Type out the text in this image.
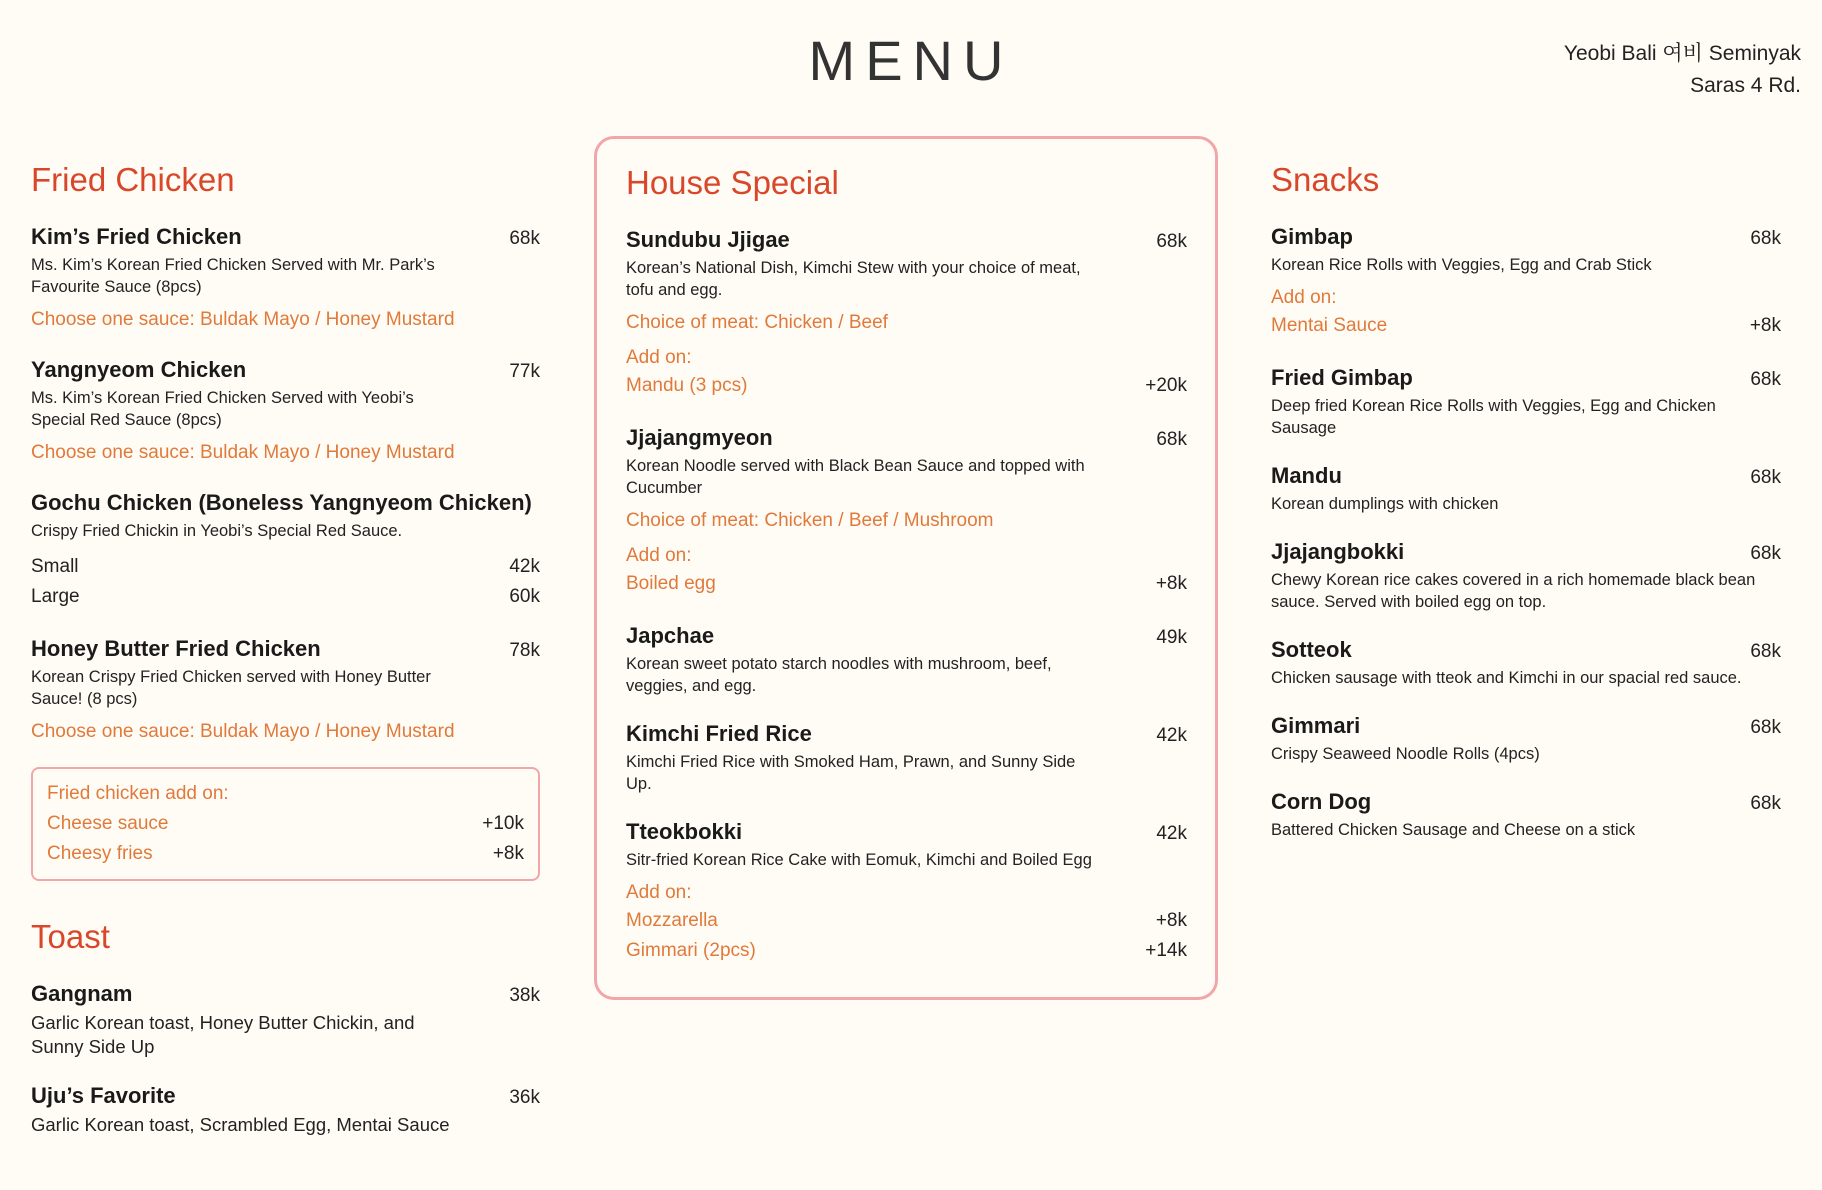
MENU	Yeobi Bali 여비 Seminyak
Saras 4 Rd.
Fried Chicken
Kim’s Fried Chicken	68k
Ms. Kim’s Korean Fried Chicken Served with Mr. Park’s Favourite Sauce (8pcs)
Choose one sauce: Buldak Mayo / Honey Mustard
Yangnyeom Chicken	77k
Ms. Kim’s Korean Fried Chicken Served with Yeobi’s Special Red Sauce (8pcs)
Choose one sauce: Buldak Mayo / Honey Mustard
Gochu Chicken (Boneless Yangnyeom Chicken)
Crispy Fried Chickin in Yeobi’s Special Red Sauce.
Small	42k
Large	60k
Honey Butter Fried Chicken	78k
Korean Crispy Fried Chicken served with Honey Butter Sauce! (8 pcs)
Choose one sauce: Buldak Mayo / Honey Mustard
Fried chicken add on:
Cheese sauce	+10k
Cheesy fries	+8k
Toast
Gangnam	38k
Garlic Korean toast, Honey Butter Chickin, and Sunny Side Up
Uju’s Favorite	36k
Garlic Korean toast, Scrambled Egg, Mentai Sauce
House Special
Sundubu Jjigae	68k
Korean’s National Dish, Kimchi Stew with your choice of meat, tofu and egg.
Choice of meat: Chicken / Beef
Add on:
Mandu (3 pcs)	+20k
Jjajangmyeon	68k
Korean Noodle served with Black Bean Sauce and topped with Cucumber
Choice of meat: Chicken / Beef / Mushroom
Add on:
Boiled egg	+8k
Japchae	49k
Korean sweet potato starch noodles with mushroom, beef, veggies, and egg.
Kimchi Fried Rice	42k
Kimchi Fried Rice with Smoked Ham, Prawn, and Sunny Side Up.
Tteokbokki	42k
Sitr-fried Korean Rice Cake with Eomuk, Kimchi and Boiled Egg
Add on:
Mozzarella	+8k
Gimmari (2pcs)	+14k
Snacks
Gimbap	68k
Korean Rice Rolls with Veggies, Egg and Crab Stick
Add on:
Mentai Sauce	+8k
Fried Gimbap	68k
Deep fried Korean Rice Rolls with Veggies, Egg and Chicken Sausage
Mandu	68k
Korean dumplings with chicken
Jjajangbokki	68k
Chewy Korean rice cakes covered in a rich homemade black bean sauce. Served with boiled egg on top.
Sotteok	68k
Chicken sausage with tteok and Kimchi in our spacial red sauce.
Gimmari	68k
Crispy Seaweed Noodle Rolls (4pcs)
Corn Dog	68k
Battered Chicken Sausage and Cheese on a stick
